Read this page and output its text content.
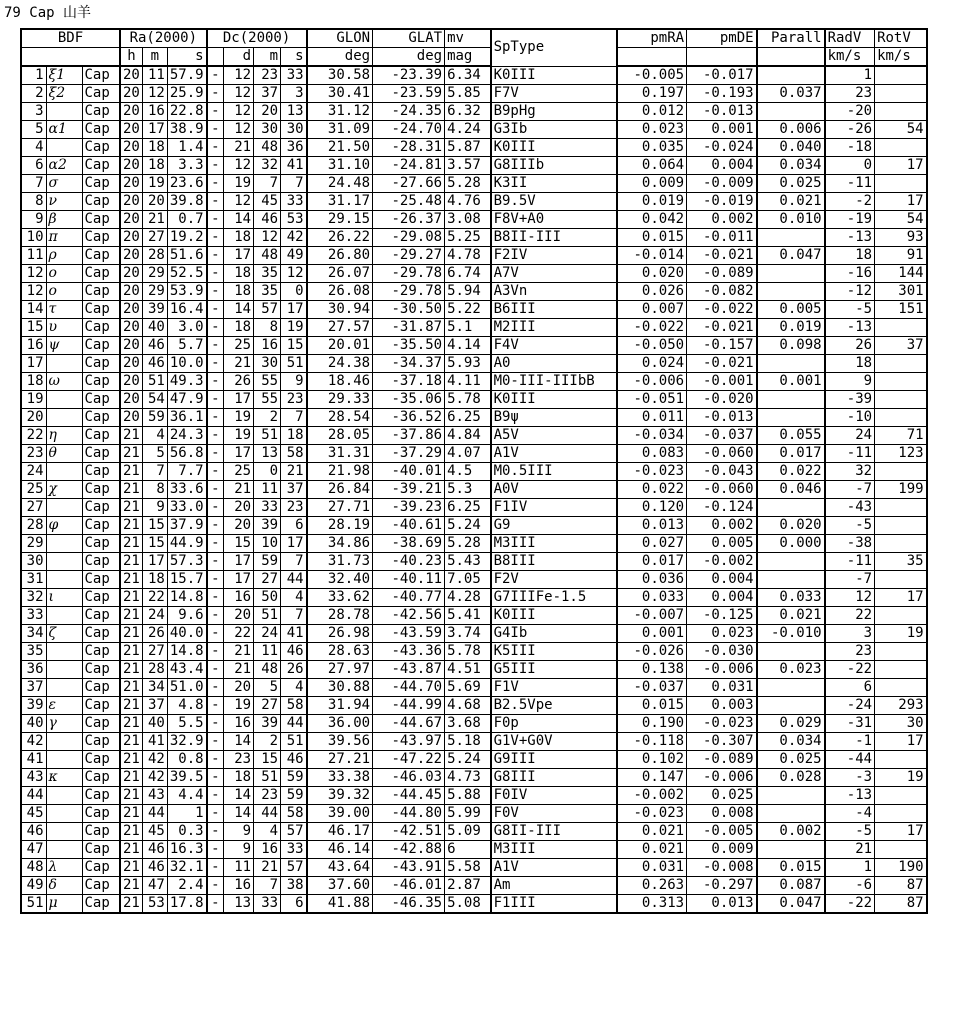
79 Cap 山羊
BDF			Ra(2000)			Dc(2000)				GLON	GLAT	mv	SpType	pmRA	pmDE	Parall	RadV	RotV
			h	m	s		d	m	s	deg	deg	mag					km/s	km/s
1	ξ1	Cap	20	11	57.9	-	12	23	33	30.58	-23.39	6.34	K0III	-0.005	-0.017		1	
2	ξ2	Cap	20	12	25.9	-	12	37	3	30.41	-23.59	5.85	F7V	0.197	-0.193	0.037	23	
3		Cap	20	16	22.8	-	12	20	13	31.12	-24.35	6.32	B9pHg	0.012	-0.013		-20	
5	α1	Cap	20	17	38.9	-	12	30	30	31.09	-24.70	4.24	G3Ib	0.023	0.001	0.006	-26	54
4		Cap	20	18	1.4	-	21	48	36	21.50	-28.31	5.87	K0III	0.035	-0.024	0.040	-18	
6	α2	Cap	20	18	3.3	-	12	32	41	31.10	-24.81	3.57	G8IIIb	0.064	0.004	0.034	0	17
7	σ	Cap	20	19	23.6	-	19	7	7	24.48	-27.66	5.28	K3II	0.009	-0.009	0.025	-11	
8	ν	Cap	20	20	39.8	-	12	45	33	31.17	-25.48	4.76	B9.5V	0.019	-0.019	0.021	-2	17
9	β	Cap	20	21	0.7	-	14	46	53	29.15	-26.37	3.08	F8V+A0	0.042	0.002	0.010	-19	54
10	π	Cap	20	27	19.2	-	18	12	42	26.22	-29.08	5.25	B8II-III	0.015	-0.011		-13	93
11	ρ	Cap	20	28	51.6	-	17	48	49	26.80	-29.27	4.78	F2IV	-0.014	-0.021	0.047	18	91
12	ο	Cap	20	29	52.5	-	18	35	12	26.07	-29.78	6.74	A7V	0.020	-0.089		-16	144
12	ο	Cap	20	29	53.9	-	18	35	0	26.08	-29.78	5.94	A3Vn	0.026	-0.082		-12	301
14	τ	Cap	20	39	16.4	-	14	57	17	30.94	-30.50	5.22	B6III	0.007	-0.022	0.005	-5	151
15	υ	Cap	20	40	3.0	-	18	8	19	27.57	-31.87	5.1	M2III	-0.022	-0.021	0.019	-13	
16	ψ	Cap	20	46	5.7	-	25	16	15	20.01	-35.50	4.14	F4V	-0.050	-0.157	0.098	26	37
17		Cap	20	46	10.0	-	21	30	51	24.38	-34.37	5.93	A0	0.024	-0.021		18	
18	ω	Cap	20	51	49.3	-	26	55	9	18.46	-37.18	4.11	M0-III-IIIbB	-0.006	-0.001	0.001	9	
19		Cap	20	54	47.9	-	17	55	23	29.33	-35.06	5.78	K0III	-0.051	-0.020		-39	
20		Cap	20	59	36.1	-	19	2	7	28.54	-36.52	6.25	B9ψ	0.011	-0.013		-10	
22	η	Cap	21	4	24.3	-	19	51	18	28.05	-37.86	4.84	A5V	-0.034	-0.037	0.055	24	71
23	θ	Cap	21	5	56.8	-	17	13	58	31.31	-37.29	4.07	A1V	0.083	-0.060	0.017	-11	123
24		Cap	21	7	7.7	-	25	0	21	21.98	-40.01	4.5	M0.5III	-0.023	-0.043	0.022	32	
25	χ	Cap	21	8	33.6	-	21	11	37	26.84	-39.21	5.3	A0V	0.022	-0.060	0.046	-7	199
27		Cap	21	9	33.0	-	20	33	23	27.71	-39.23	6.25	F1IV	0.120	-0.124		-43	
28	φ	Cap	21	15	37.9	-	20	39	6	28.19	-40.61	5.24	G9	0.013	0.002	0.020	-5	
29		Cap	21	15	44.9	-	15	10	17	34.86	-38.69	5.28	M3III	0.027	0.005	0.000	-38	
30		Cap	21	17	57.3	-	17	59	7	31.73	-40.23	5.43	B8III	0.017	-0.002		-11	35
31		Cap	21	18	15.7	-	17	27	44	32.40	-40.11	7.05	F2V	0.036	0.004		-7	
32	ι	Cap	21	22	14.8	-	16	50	4	33.62	-40.77	4.28	G7IIIFe-1.5	0.033	0.004	0.033	12	17
33		Cap	21	24	9.6	-	20	51	7	28.78	-42.56	5.41	K0III	-0.007	-0.125	0.021	22	
34	ζ	Cap	21	26	40.0	-	22	24	41	26.98	-43.59	3.74	G4Ib	0.001	0.023	-0.010	3	19
35		Cap	21	27	14.8	-	21	11	46	28.63	-43.36	5.78	K5III	-0.026	-0.030		23	
36		Cap	21	28	43.4	-	21	48	26	27.97	-43.87	4.51	G5III	0.138	-0.006	0.023	-22	
37		Cap	21	34	51.0	-	20	5	4	30.88	-44.70	5.69	F1V	-0.037	0.031		6	
39	ε	Cap	21	37	4.8	-	19	27	58	31.94	-44.99	4.68	B2.5Vpe	0.015	0.003		-24	293
40	γ	Cap	21	40	5.5	-	16	39	44	36.00	-44.67	3.68	F0p	0.190	-0.023	0.029	-31	30
42		Cap	21	41	32.9	-	14	2	51	39.56	-43.97	5.18	G1V+G0V	-0.118	-0.307	0.034	-1	17
41		Cap	21	42	0.8	-	23	15	46	27.21	-47.22	5.24	G9III	0.102	-0.089	0.025	-44	
43	κ	Cap	21	42	39.5	-	18	51	59	33.38	-46.03	4.73	G8III	0.147	-0.006	0.028	-3	19
44		Cap	21	43	4.4	-	14	23	59	39.32	-44.45	5.88	F0IV	-0.002	0.025		-13	
45		Cap	21	44	1	-	14	44	58	39.00	-44.80	5.99	F0V	-0.023	0.008		-4	
46		Cap	21	45	0.3	-	9	4	57	46.17	-42.51	5.09	G8II-III	0.021	-0.005	0.002	-5	17
47		Cap	21	46	16.3	-	9	16	33	46.14	-42.88	6	M3III	0.021	0.009		21	
48	λ	Cap	21	46	32.1	-	11	21	57	43.64	-43.91	5.58	A1V	0.031	-0.008	0.015	1	190
49	δ	Cap	21	47	2.4	-	16	7	38	37.60	-46.01	2.87	Am	0.263	-0.297	0.087	-6	87
51	μ	Cap	21	53	17.8	-	13	33	6	41.88	-46.35	5.08	F1III	0.313	0.013	0.047	-22	87
